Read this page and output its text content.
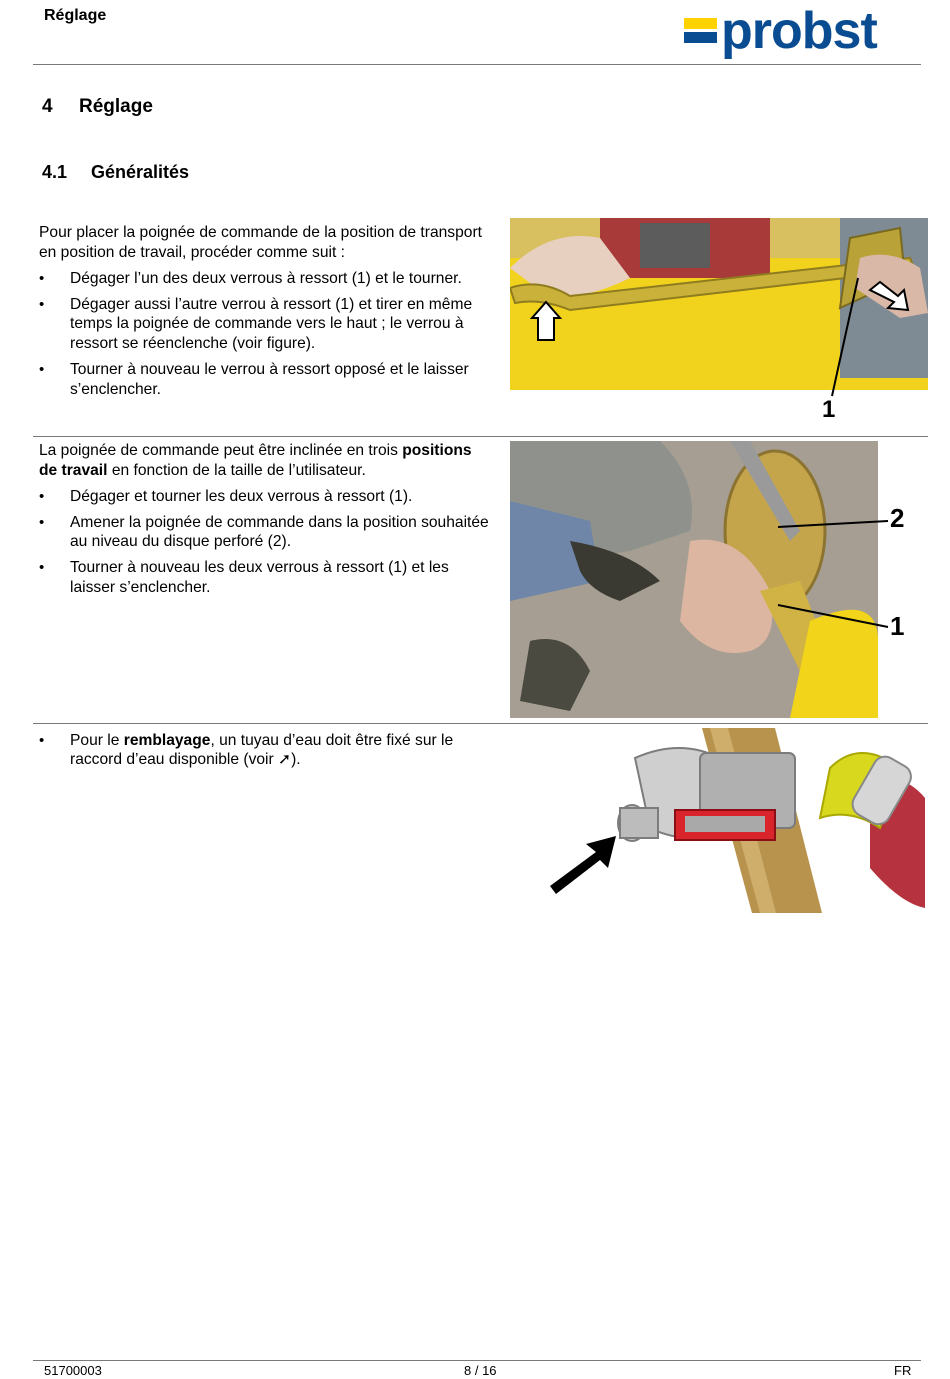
Réglage	probst
4 Réglage
4.1 Généralités

Pour placer la poignée de commande de la position de transport en position de travail, procéder comme suit :

• Dégager l’un des deux verrous à ressort (1) et le tourner.
• Dégager aussi l’autre verrou à ressort (1) et tirer en même temps la poignée de commande vers le haut ; le verrou à ressort se réenclenche (voir figure).
• Tourner à nouveau le verrou à ressort opposé et le laisser s’enclencher.
1

La poignée de commande peut être inclinée en trois positions de travail en fonction de la taille de l’utilisateur.

• Dégager et tourner les deux verrous à ressort (1).
• Amener la poignée de commande dans la position souhaitée au niveau du disque perforé (2).
• Tourner à nouveau les deux verrous à ressort (1) et les laisser s’enclencher.
2
1
• Pour le remblayage, un tuyau d’eau doit être fixé sur le raccord d’eau disponible (voir ➚).
51700003	8 / 16	FR
